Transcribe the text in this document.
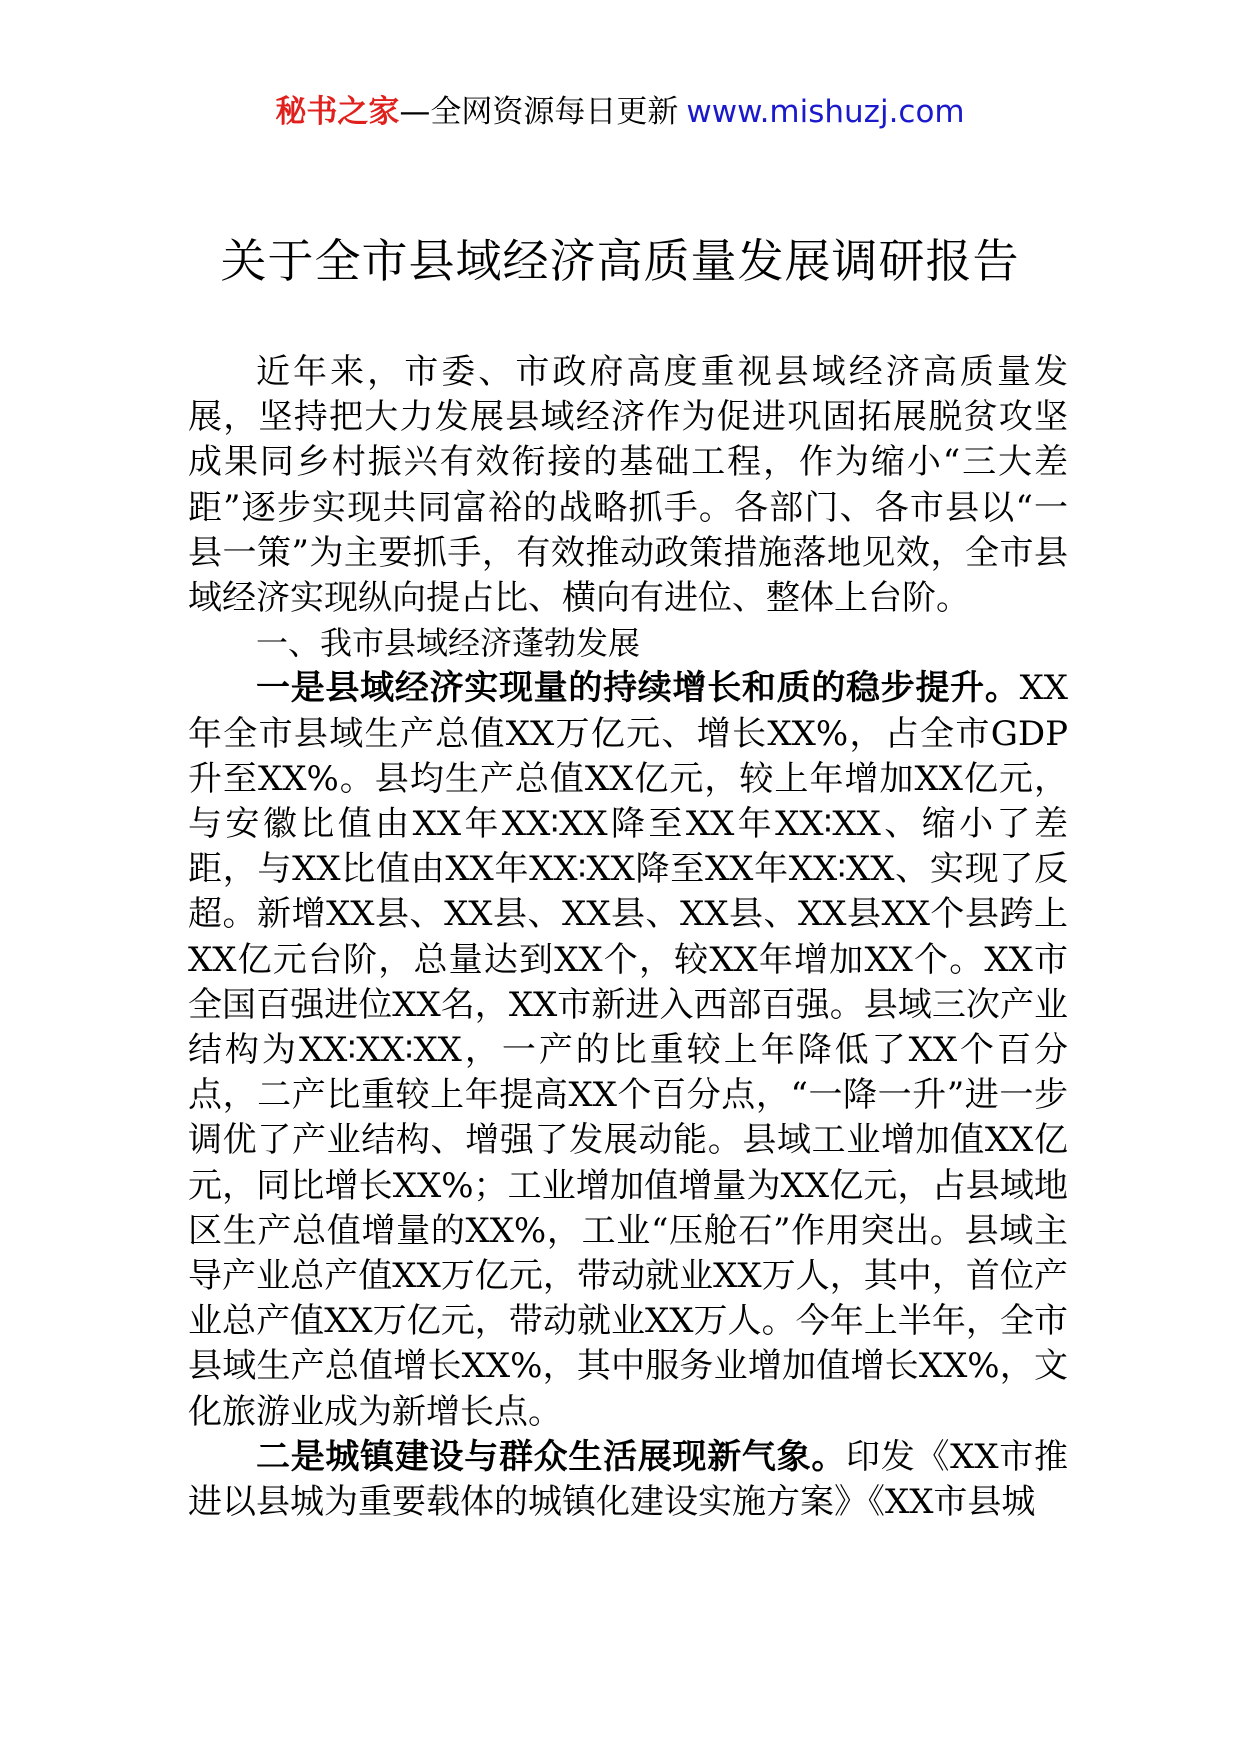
秘书之家—全网资源每日更新 www.mishuzj.com
关于全市县域经济高质量发展调研报告

近年来，市委、市政府高度重视县域经济高质量发展，坚持把大力发展县域经济作为促进巩固拓展脱贫攻坚成果同乡村振兴有效衔接的基础工程，作为缩小“三大差距”逐步实现共同富裕的战略抓手。各部门、各市县以“一县一策”为主要抓手，有效推动政策措施落地见效，全市县域经济实现纵向提占比、横向有进位、整体上台阶。

一、我市县域经济蓬勃发展

一是县域经济实现量的持续增长和质的稳步提升。XX年全市县域生产总值XX万亿元、增长XX%，占全市GDP升至XX%。县均生产总值XX亿元，较上年增加XX亿元，与安徽比值由XX年XX∶XX降至XX年XX∶XX、缩小了差距，与XX比值由XX年XX∶XX降至XX年XX∶XX、实现了反超。新增XX县、XX县、XX县、XX县、XX县XX个县跨上XX亿元台阶，总量达到XX个，较XX年增加XX个。XX市全国百强进位XX名，XX市新进入西部百强。县域三次产业结构为XX∶XX∶XX，一产的比重较上年降低了XX个百分点，二产比重较上年提高XX个百分点，“一降一升”进一步调优了产业结构、增强了发展动能。县域工业增加值XX亿元，同比增长XX%；工业增加值增量为XX亿元，占县域地区生产总值增量的XX%，工业“压舱石”作用突出。县域主导产业总产值XX万亿元，带动就业XX万人，其中，首位产业总产值XX万亿元，带动就业XX万人。今年上半年，全市县域生产总值增长XX%，其中服务业增加值增长XX%，文化旅游业成为新增长点。

二是城镇建设与群众生活展现新气象。印发《XX市推进以县城为重要载体的城镇化建设实施方案》《XX市县城
